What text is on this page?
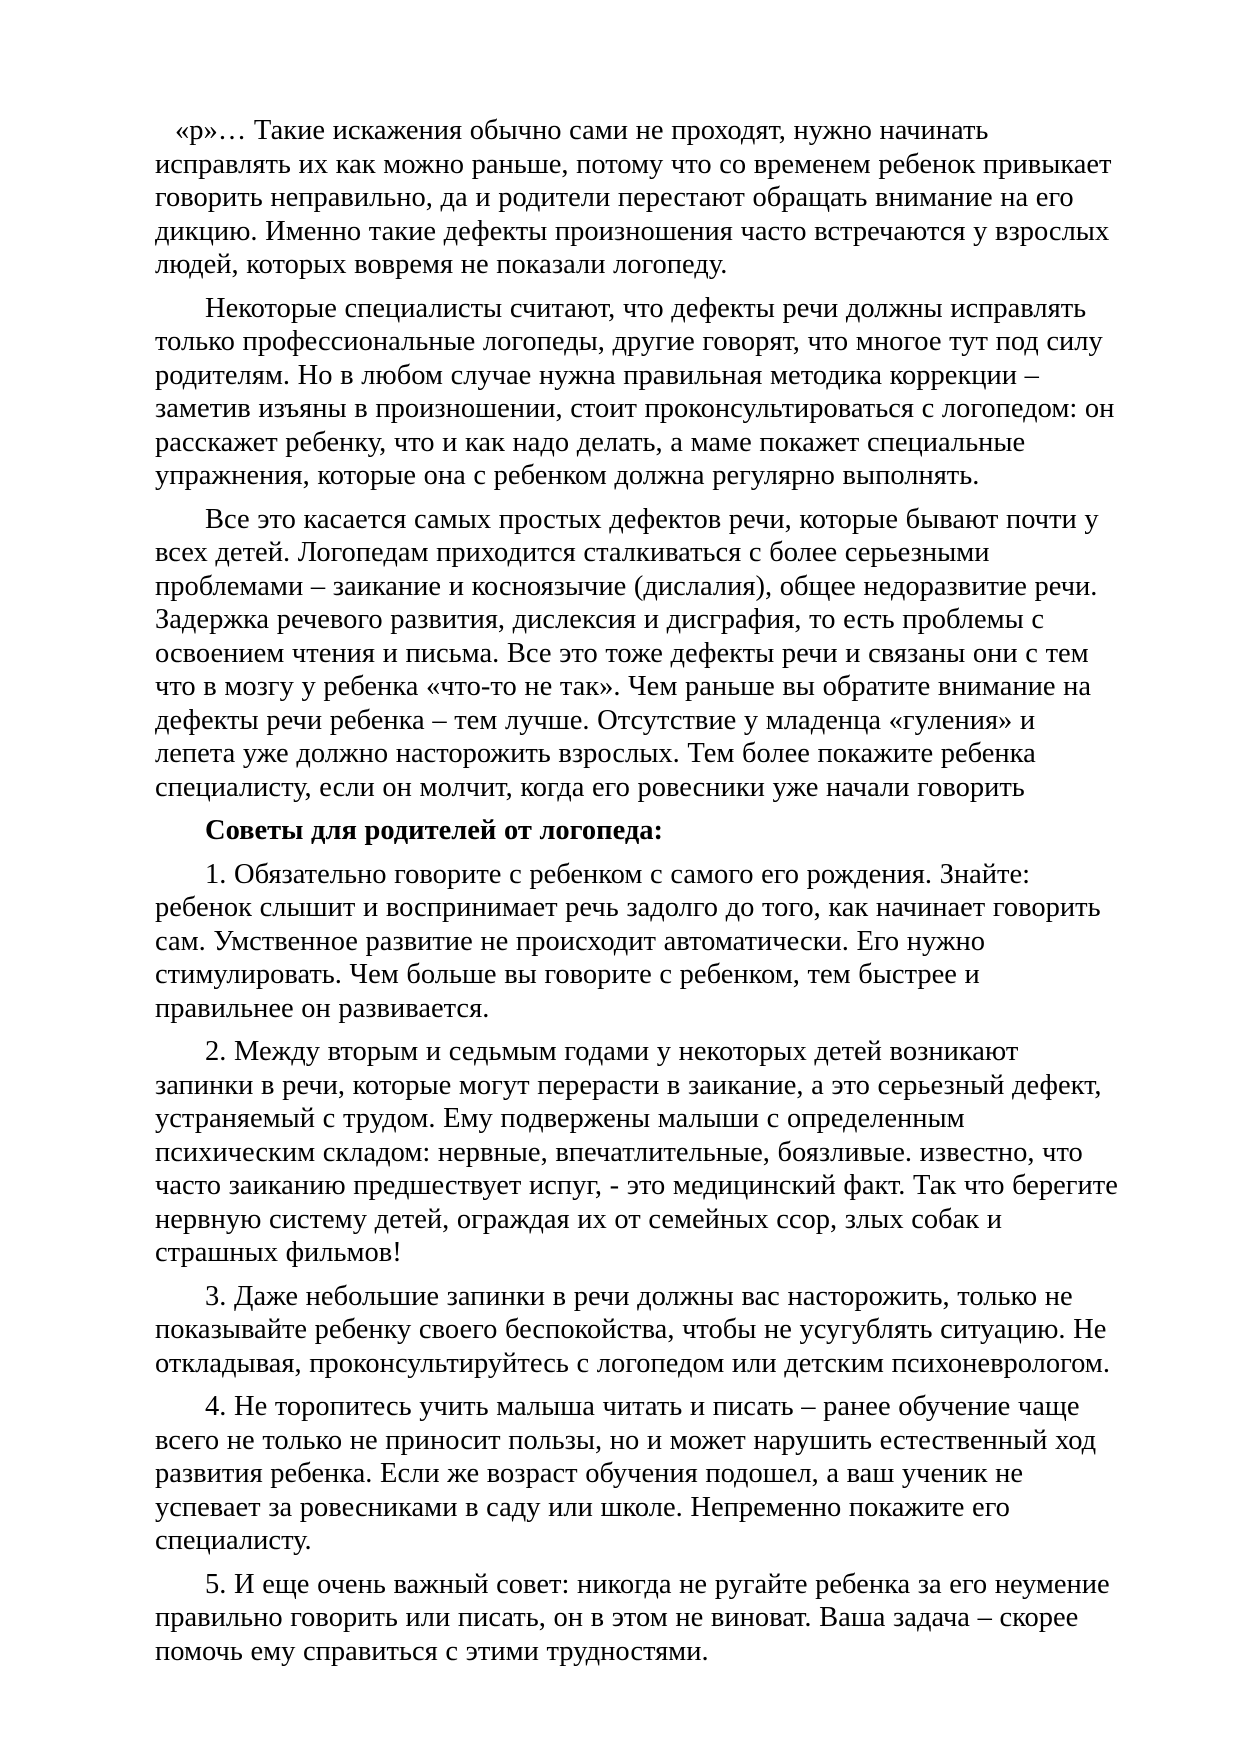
«р»… Такие искажения обычно сами не проходят, нужно начинать исправлять их как можно раньше, потому что со временем ребенок привыкает говорить неправильно, да и родители перестают обращать внимание на его дикцию. Именно такие дефекты произношения часто встречаются у взрослых людей, которых вовремя не показали логопеду.

Некоторые специалисты считают, что дефекты речи должны исправлять только профессиональные логопеды, другие говорят, что многое тут под силу родителям. Но в любом случае нужна правильная методика коррекции – заметив изъяны в произношении, стоит проконсультироваться с логопедом: он расскажет ребенку, что и как надо делать, а маме покажет специальные упражнения, которые она с ребенком должна регулярно выполнять.

Все это касается самых простых дефектов речи, которые бывают почти у всех детей. Логопедам приходится сталкиваться с более серьезными проблемами – заикание и косноязычие (дислалия), общее недоразвитие речи. Задержка речевого развития, дислексия и дисграфия, то есть проблемы с освоением чтения и письма. Все это тоже дефекты речи и связаны они с тем что в мозгу у ребенка «что-то не так». Чем раньше вы обратите внимание на дефекты речи ребенка – тем лучше. Отсутствие у младенца «гуления» и лепета уже должно насторожить взрослых. Тем более покажите ребенка специалисту, если он молчит, когда его ровесники уже начали говорить

Советы для родителей от логопеда:

1. Обязательно говорите с ребенком с самого его рождения. Знайте: ребенок слышит и воспринимает речь задолго до того, как начинает говорить сам. Умственное развитие не происходит автоматически. Его нужно стимулировать. Чем больше вы говорите с ребенком, тем быстрее и правильнее он развивается.

2. Между вторым и седьмым годами у некоторых детей возникают запинки в речи, которые могут перерасти в заикание, а это серьезный дефект, устраняемый с трудом. Ему подвержены малыши с определенным психическим складом: нервные, впечатлительные, боязливые. известно, что часто заиканию предшествует испуг, - это медицинский факт. Так что берегите нервную систему детей, ограждая их от семейных ссор, злых собак и страшных фильмов!

3. Даже небольшие запинки в речи должны вас насторожить, только не показывайте ребенку своего беспокойства, чтобы не усугублять ситуацию. Не откладывая, проконсультируйтесь с логопедом или детским психоневрологом.

4. Не торопитесь учить малыша читать и писать – ранее обучение чаще всего не только не приносит пользы, но и может нарушить естественный ход развития ребенка. Если же возраст обучения подошел, а ваш ученик не успевает за ровесниками в саду или школе. Непременно покажите его специалисту.

5. И еще очень важный совет: никогда не ругайте ребенка за его неумение правильно говорить или писать, он в этом не виноват. Ваша задача – скорее помочь ему справиться с этими трудностями.
